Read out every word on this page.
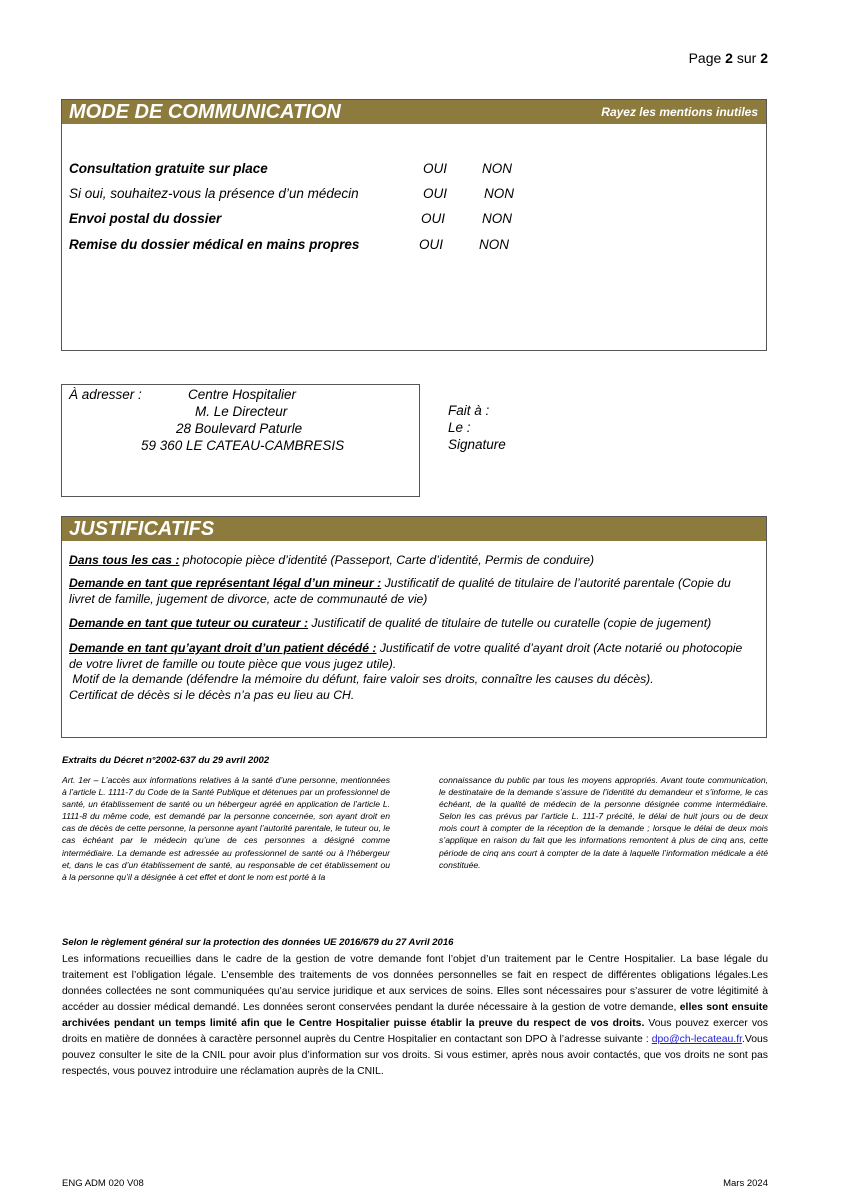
Page 2 sur 2
MODE DE COMMUNICATION	Rayez les mentions inutiles
Consultation gratuite sur place	OUI	NON
Si oui, souhaitez-vous la présence d’un médecin	OUI	NON
Envoi postal du dossier	OUI	NON
Remise du dossier médical en mains propres	OUI	NON
À adresser :	Centre Hospitalier
M. Le Directeur
28 Boulevard Paturle
59 360 LE CATEAU-CAMBRESIS
Fait à :
Le :
Signature
JUSTIFICATIFS
Dans tous les cas : photocopie pièce d’identité (Passeport, Carte d’identité, Permis de conduire)
Demande en tant que représentant légal d’un mineur : Justificatif de qualité de titulaire de l’autorité parentale (Copie du livret de famille, jugement de divorce, acte de communauté de vie)
Demande en tant que tuteur ou curateur : Justificatif de qualité de titulaire de tutelle ou curatelle (copie de jugement)
Demande en tant qu’ayant droit d’un patient décédé : Justificatif de votre qualité d’ayant droit (Acte notarié ou photocopie de votre livret de famille ou toute pièce que vous jugez utile).
Motif de la demande (défendre la mémoire du défunt, faire valoir ses droits, connaître les causes du décès).
Certificat de décès si le décès n’a pas eu lieu au CH.
Extraits du Décret n°2002-637 du 29 avril 2002
Art. 1er – L’accès aux informations relatives à la santé d’une personne, mentionnées à l’article L. 1111-7 du Code de la Santé Publique et détenues par un professionnel de santé, un établissement de santé ou un hébergeur agréé en application de l’article L. 1111-8 du même code, est demandé par la personne concernée, son ayant droit en cas de décès de cette personne, la personne ayant l’autorité parentale, le tuteur ou, le cas échéant par le médecin qu’une de ces personnes a désigné comme intermédiaire. La demande est adressée au professionnel de santé ou à l’hébergeur et, dans le cas d’un établissement de santé, au responsable de cet établissement ou à la personne qu’il a désignée à cet effet et dont le nom est porté à la
connaissance du public par tous les moyens appropriés. Avant toute communication, le destinataire de la demande s’assure de l’identité du demandeur et s’informe, le cas échéant, de la qualité de médecin de la personne désignée comme intermédiaire. Selon les cas prévus par l’article L. 111-7 précité, le délai de huit jours ou de deux mois court à compter de la réception de la demande ; lorsque le délai de deux mois s’applique en raison du fait que les informations remontent à plus de cinq ans, cette période de cinq ans court à compter de la date à laquelle l’information médicale a été constituée.
Selon le règlement général sur la protection des données UE 2016/679 du 27 Avril 2016
Les informations recueillies dans le cadre de la gestion de votre demande font l’objet d’un traitement par le Centre Hospitalier. La base légale du traitement est l’obligation légale. L’ensemble des traitements de vos données personnelles se fait en respect de différentes obligations légales.Les données collectées ne sont communiquées qu’au service juridique et aux services de soins. Elles sont nécessaires pour s’assurer de votre légitimité à accéder au dossier médical demandé. Les données seront conservées pendant la durée nécessaire à la gestion de votre demande, elles sont ensuite archivées pendant un temps limité afin que le Centre Hospitalier puisse établir la preuve du respect de vos droits. Vous pouvez exercer vos droits en matière de données à caractère personnel auprès du Centre Hospitalier en contactant son DPO à l’adresse suivante : dpo@ch-lecateau.fr.Vous pouvez consulter le site de la CNIL pour avoir plus d’information sur vos droits. Si vous estimer, après nous avoir contactés, que vos droits ne sont pas respectés, vous pouvez introduire une réclamation auprès de la CNIL.
ENG ADM 020 V08	Mars 2024
